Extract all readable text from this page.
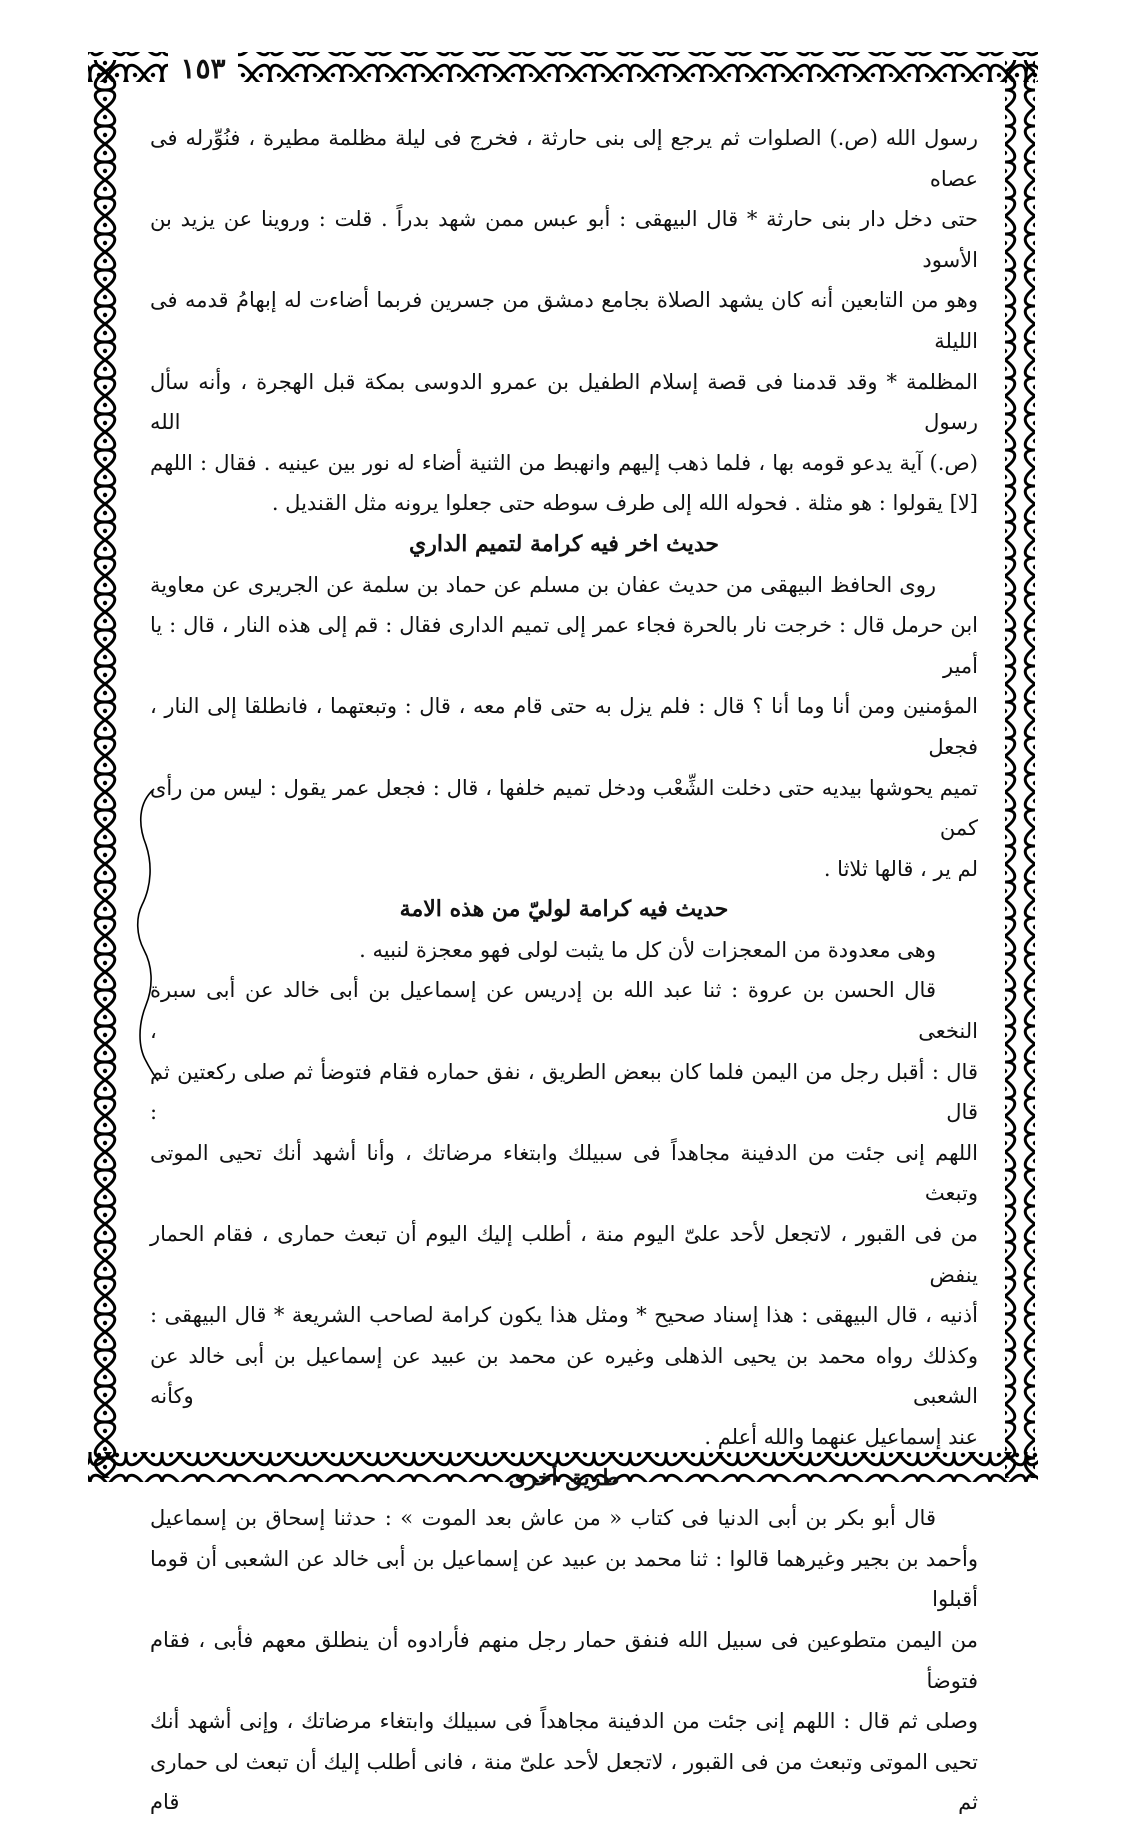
١٥٣

رسول الله (ص.) الصلوات ثم يرجع إلى بنى حارثة ، فخرج فى ليلة مظلمة مطيرة ، فنُوِّرله فى عصاه

حتى دخل دار بنى حارثة * قال البيهقى : أبو عبس ممن شهد بدراً . قلت : وروينا عن يزيد بن الأسود

وهو من التابعين أنه كان يشهد الصلاة بجامع دمشق من جسرين فربما أضاءت له إبهامُ قدمه فى الليلة

المظلمة * وقد قدمنا فى قصة إسلام الطفيل بن عمرو الدوسى بمكة قبل الهجرة ، وأنه سأل رسول الله

(ص.) آية يدعو قومه بها ، فلما ذهب إليهم وانهبط من الثنية أضاء له نور بين عينيه . فقال : اللهم

[لا] يقولوا : هو مثلة . فحوله الله إلى طرف سوطه حتى جعلوا يرونه مثل القنديل .

حديث اخر فيه كرامة لتميم الداري

روى الحافظ البيهقى من حديث عفان بن مسلم عن حماد بن سلمة عن الجريرى عن معاوية

ابن حرمل قال : خرجت نار بالحرة فجاء عمر إلى تميم الدارى فقال : قم إلى هذه النار ، قال : يا أمير

المؤمنين ومن أنا وما أنا ؟ قال : فلم يزل به حتى قام معه ، قال : وتبعتهما ، فانطلقا إلى النار ، فجعل

تميم يحوشها بيديه حتى دخلت الشِّعْب ودخل تميم خلفها ، قال : فجعل عمر يقول : ليس من رأى كمن

لم ير ، قالها ثلاثا .

حديث فيه كرامة لوليّ من هذه الامة

وهى معدودة من المعجزات لأن كل ما يثبت لولى فهو معجزة لنبيه .

قال الحسن بن عروة : ثنا عبد الله بن إدريس عن إسماعيل بن أبى خالد عن أبى سبرة النخعى ،

قال : أقبل رجل من اليمن فلما كان ببعض الطريق ، نفق حماره فقام فتوضأ ثم صلى ركعتين ثم قال :

اللهم إنى جئت من الدفينة مجاهداً فى سبيلك وابتغاء مرضاتك ، وأنا أشهد أنك تحيى الموتى وتبعث

من فى القبور ، لاتجعل لأحد علىّ اليوم منة ، أطلب إليك اليوم أن تبعث حمارى ، فقام الحمار ينفض

أذنيه ، قال البيهقى : هذا إسناد صحيح * ومثل هذا يكون كرامة لصاحب الشريعة * قال البيهقى :

وكذلك رواه محمد بن يحيى الذهلى وغيره عن محمد بن عبيد عن إسماعيل بن أبى خالد عن الشعبى وكأنه

عند إسماعيل عنهما والله أعلم .

طريق أخرى

قال أبو بكر بن أبى الدنيا فى كتاب « من عاش بعد الموت » : حدثنا إسحاق بن إسماعيل

وأحمد بن بجير وغيرهما قالوا : ثنا محمد بن عبيد عن إسماعيل بن أبى خالد عن الشعبى أن قوما أقبلوا

من اليمن متطوعين فى سبيل الله فنفق حمار رجل منهم فأرادوه أن ينطلق معهم فأبى ، فقام فتوضأ

وصلى ثم قال : اللهم إنى جئت من الدفينة مجاهداً فى سبيلك وابتغاء مرضاتك ، وإنى أشهد أنك

تحيى الموتى وتبعث من فى القبور ، لاتجعل لأحد علىّ منة ، فانى أطلب إليك أن تبعث لى حمارى ثم قام
